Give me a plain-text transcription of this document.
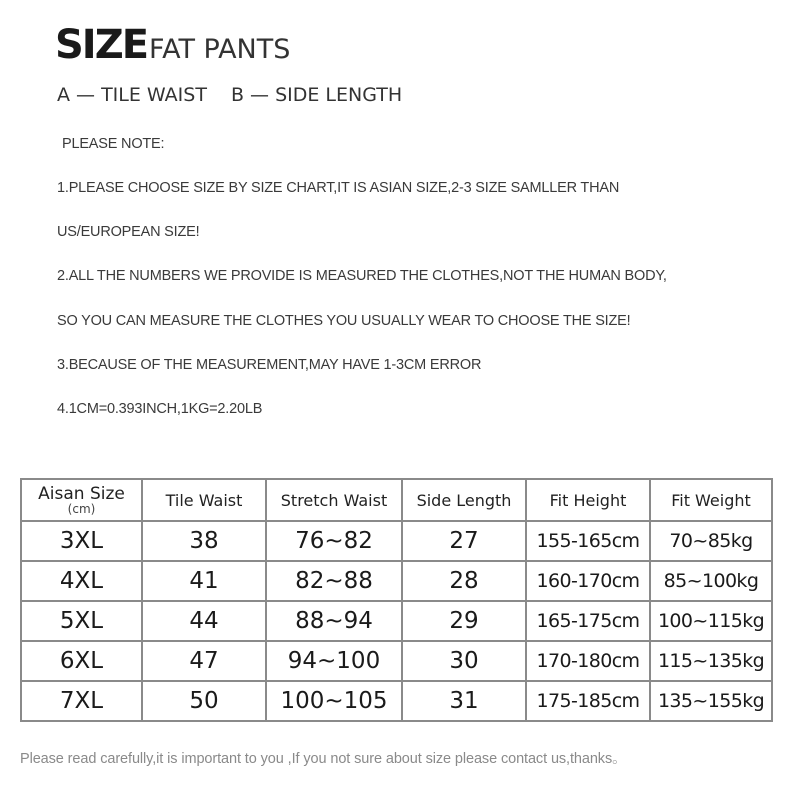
SIZE FAT PANTS
A — TILE WAIST B — SIDE LENGTH
PLEASE NOTE:
1.PLEASE CHOOSE SIZE BY SIZE CHART,IT IS ASIAN SIZE,2-3 SIZE SAMLLER THAN
US/EUROPEAN SIZE!
2.ALL THE NUMBERS WE PROVIDE IS MEASURED THE CLOTHES,NOT THE HUMAN BODY,
SO YOU CAN MEASURE THE CLOTHES YOU USUALLY WEAR TO CHOOSE THE SIZE!
3.BECAUSE OF THE MEASUREMENT,MAY HAVE 1-3CM ERROR
4.1CM=0.393INCH,1KG=2.20LB
Aisan Size
(cm)	Tile Waist	Stretch Waist	Side Length	Fit Height	Fit Weight
3XL	38	76~82	27	155-165cm	70~85kg
4XL	41	82~88	28	160-170cm	85~100kg
5XL	44	88~94	29	165-175cm	100~115kg
6XL	47	94~100	30	170-180cm	115~135kg
7XL	50	100~105	31	175-185cm	135~155kg
Please read carefully,it is important to you ,If you not sure about size please contact us,thanks。
